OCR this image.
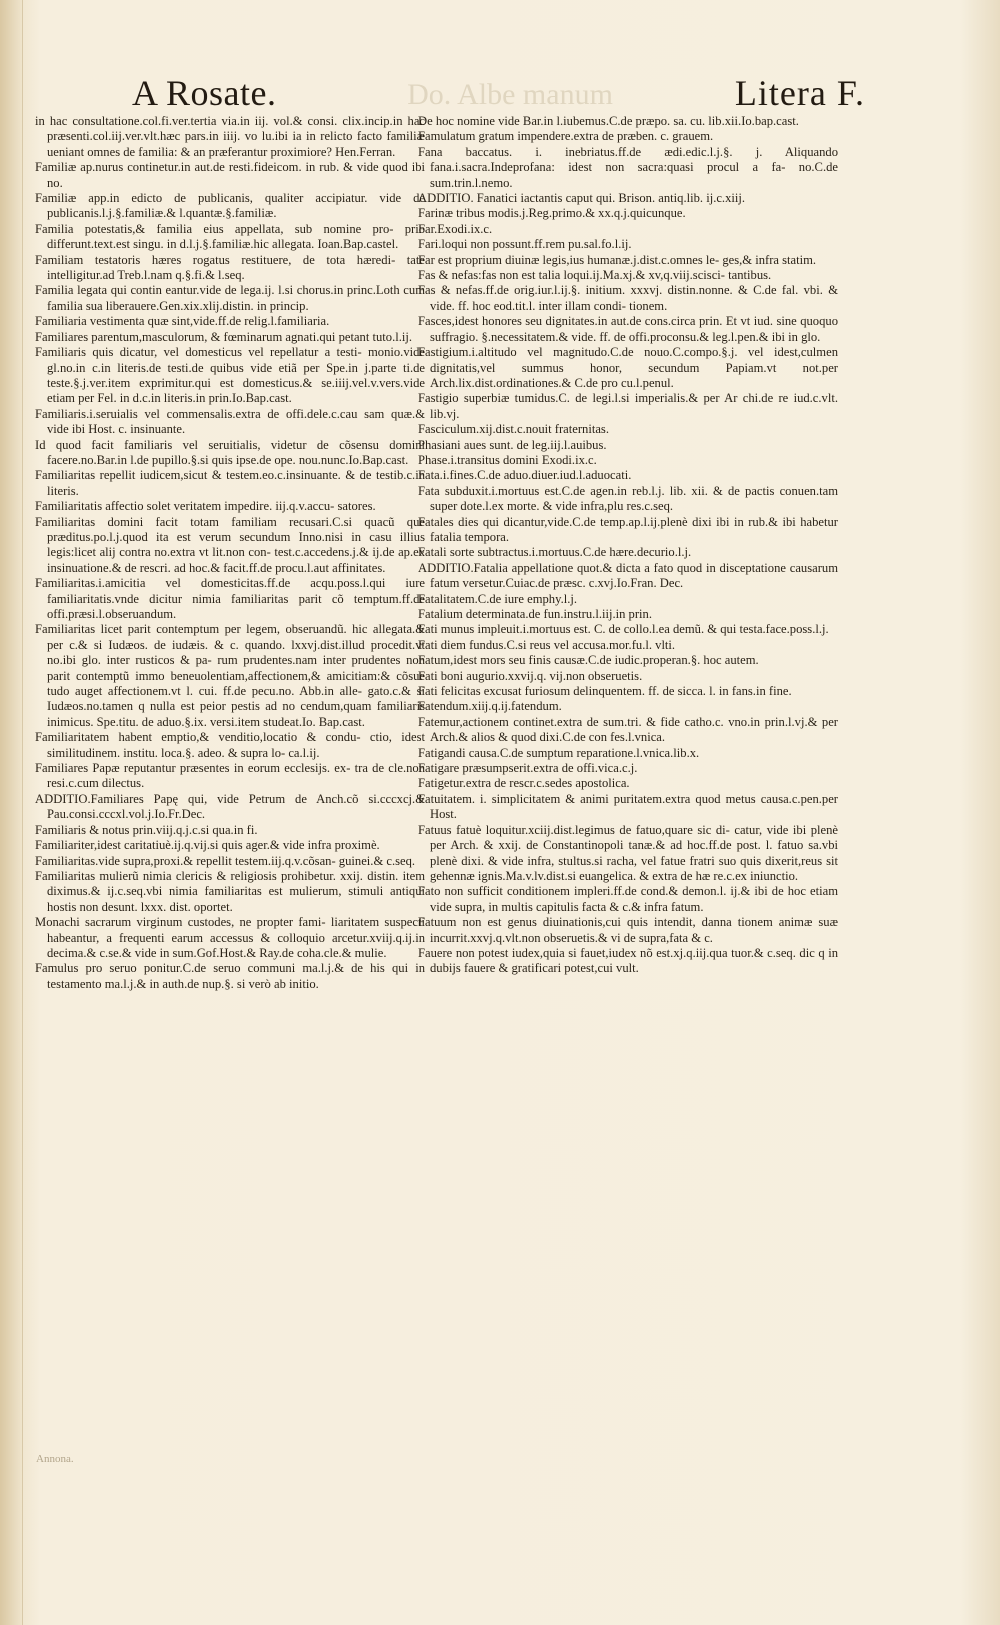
A Rosate.	Do. Albe manum	Litera F.

in hac consultatione.col.fi.ver.tertia via.in iij. vol.& consi. clix.incip.in hac præsenti.col.iij.ver.vlt.hæc pars.in iiij. vo lu.ibi ia in relicto facto familiæ ueniant omnes de familia: & an præferantur proximiore? Hen.Ferran.

Familiæ ap.nurus continetur.in aut.de resti.fideicom. in rub. & vide quod ibi no.

Familiæ app.in edicto de publicanis, qualiter accipiatur. vide de publicanis.l.j.§.familiæ.& l.quantæ.§.familiæ.

Familia potestatis,& familia eius appellata, sub nomine pro- prio differunt.text.est singu. in d.l.j.§.familiæ.hic allegata. Ioan.Bap.castel.

Familiam testatoris hæres rogatus restituere, de tota hæredi- tate intelligitur.ad Treb.l.nam q.§.fi.& l.seq.

Familia legata qui contin eantur.vide de lega.ij. l.si chorus.in princ.Loth cum familia sua liberauere.Gen.xix.xlij.distin. in princip.

Familiaria vestimenta quæ sint,vide.ff.de relig.l.familiaria.

Familiares parentum,masculorum, & fœminarum agnati.qui petant tuto.l.ij.

Familiaris quis dicatur, vel domesticus vel repellatur a testi- monio.vide gl.no.in c.in literis.de testi.de quibus vide etiã per Spe.in j.parte ti.de teste.§.j.ver.item exprimitur.qui est domesticus.& se.iiij.vel.v.vers.vide etiam per Fel. in d.c.in literis.in prin.Io.Bap.cast.

Familiaris.i.seruialis vel commensalis.extra de offi.dele.c.cau sam quæ.& vide ibi Host. c. insinuante.

Id quod facit familiaris vel seruitialis, videtur de cõsensu domini facere.no.Bar.in l.de pupillo.§.si quis ipse.de ope. nou.nunc.Io.Bap.cast.

Familiaritas repellit iudicem,sicut & testem.eo.c.insinuante. & de testib.c.in literis.

Familiaritatis affectio solet veritatem impedire. iij.q.v.accu- satores.

Familiaritas domini facit totam familiam recusari.C.si quacũ que præditus.po.l.j.quod ita est verum secundum Inno.nisi in casu illius legis:licet alij contra no.extra vt lit.non con- test.c.accedens.j.& ij.de ap.ex insinuatione.& de rescri. ad hoc.& facit.ff.de procu.l.aut affinitates.

Familiaritas.i.amicitia vel domesticitas.ff.de acqu.poss.l.qui iure familiaritatis.vnde dicitur nimia familiaritas parit cõ temptum.ff.de offi.præsi.l.obseruandum.

Familiaritas licet parit contemptum per legem, obseruandũ. hic allegata.& per c.& si Iudæos. de iudæis. & c. quando. lxxvj.dist.illud procedit.vt no.ibi glo. inter rusticos & pa- rum prudentes.nam inter prudentes non parit contemptũ immo beneuolentiam,affectionem,& amicitiam:& cõsue tudo auget affectionem.vt l. cui. ff.de pecu.no. Abb.in alle- gato.c.& si Iudæos.no.tamen q nulla est peior pestis ad no cendum,quam familiaris inimicus. Spe.titu. de aduo.§.ix. versi.item studeat.Io. Bap.cast.

Familiaritatem habent emptio,& venditio,locatio & condu- ctio, idest similitudinem. institu. loca.§. adeo. & supra lo- ca.l.ij.

Familiares Papæ reputantur præsentes in eorum ecclesijs. ex- tra de cle.non resi.c.cum dilectus.

ADDITIO.Familiares Papę qui, vide Petrum de Anch.cõ si.cccxcj.& Pau.consi.cccxl.vol.j.Io.Fr.Dec.

Familiaris & notus prin.viij.q.j.c.si qua.in fi.

Familiariter,idest caritatiuè.ij.q.vij.si quis ager.& vide infra proximè.

Familiaritas.vide supra,proxi.& repellit testem.iij.q.v.cõsan- guinei.& c.seq.

Familiaritas mulierũ nimia clericis & religiosis prohibetur. xxij. distin. item diximus.& ij.c.seq.vbi nimia familiaritas est mulierum, stimuli antiqui hostis non desunt. lxxx. dist. oportet.

Monachi sacrarum virginum custodes, ne propter fami- liaritatem suspecti habeantur, a frequenti earum accessus & colloquio arcetur.xviij.q.ij.in decima.& c.se.& vide in sum.Gof.Host.& Ray.de coha.cle.& mulie.

Famulus pro seruo ponitur.C.de seruo communi ma.l.j.& de his qui in testamento ma.l.j.& in auth.de nup.§. si verò ab initio.

De hoc nomine vide Bar.in l.iubemus.C.de præpo. sa. cu. lib.xii.Io.bap.cast.

Famulatum gratum impendere.extra de præben. c. grauem.

Fana baccatus. i. inebriatus.ff.de ædi.edic.l.j.§. j. Aliquando fana.i.sacra.Indeprofana: idest non sacra:quasi procul a fa- no.C.de sum.trin.l.nemo.

ADDITIO. Fanatici iactantis caput qui. Brison. antiq.lib. ij.c.xiij.

Farinæ tribus modis.j.Reg.primo.& xx.q.j.quicunque.

Far.Exodi.ix.c.

Fari.loqui non possunt.ff.rem pu.sal.fo.l.ij.

Far est proprium diuinæ legis,ius humanæ.j.dist.c.omnes le- ges,& infra statim.

Fas & nefas:fas non est talia loqui.ij.Ma.xj.& xv,q.viij.scisci- tantibus.

Fas & nefas.ff.de orig.iur.l.ij.§. initium. xxxvj. distin.nonne. & C.de fal. vbi. & vide. ff. hoc eod.tit.l. inter illam condi- tionem.

Fasces,idest honores seu dignitates.in aut.de cons.circa prin. Et vt iud. sine quoquo suffragio. §.necessitatem.& vide. ff. de offi.proconsu.& leg.l.pen.& ibi in glo.

Fastigium.i.altitudo vel magnitudo.C.de nouo.C.compo.§.j. vel idest,culmen dignitatis,vel summus honor, secundum Papiam.vt not.per Arch.lix.dist.ordinationes.& C.de pro cu.l.penul.

Fastigio superbiæ tumidus.C. de legi.l.si imperialis.& per Ar chi.de re iud.c.vlt. lib.vj.

Fasciculum.xij.dist.c.nouit fraternitas.

Phasiani aues sunt. de leg.iij.l.auibus.

Phase.i.transitus domini Exodi.ix.c.

Fata.i.fines.C.de aduo.diuer.iud.l.aduocati.

Fata subduxit.i.mortuus est.C.de agen.in reb.l.j. lib. xii. & de pactis conuen.tam super dote.l.ex morte. & vide infra,plu res.c.seq.

Fatales dies qui dicantur,vide.C.de temp.ap.l.ij.plenè dixi ibi in rub.& ibi habetur fatalia tempora.

Fatali sorte subtractus.i.mortuus.C.de hære.decurio.l.j.

ADDITIO.Fatalia appellatione quot.& dicta a fato quod in disceptatione causarum fatum versetur.Cuiac.de præsc. c.xvj.Io.Fran. Dec.

Fatalitatem.C.de iure emphy.l.j.

Fatalium determinata.de fun.instru.l.iij.in prin.

Fati munus impleuit.i.mortuus est. C. de collo.l.ea demũ. & qui testa.face.poss.l.j.

Fati diem fundus.C.si reus vel accusa.mor.fu.l. vlti.

Fatum,idest mors seu finis causæ.C.de iudic.properan.§. hoc autem.

Fati boni augurio.xxvij.q. vij.non obseruetis.

Fati felicitas excusat furiosum delinquentem. ff. de sicca. l. in fans.in fine.

Fatendum.xiij.q.ij.fatendum.

Fatemur,actionem continet.extra de sum.tri. & fide catho.c. vno.in prin.l.vj.& per Arch.& alios & quod dixi.C.de con fes.l.vnica.

Fatigandi causa.C.de sumptum reparatione.l.vnica.lib.x.

Fatigare præsumpserit.extra de offi.vica.c.j.

Fatigetur.extra de rescr.c.sedes apostolica.

Fatuitatem. i. simplicitatem & animi puritatem.extra quod metus causa.c.pen.per Host.

Fatuus fatuè loquitur.xciij.dist.legimus de fatuo,quare sic di- catur, vide ibi plenè per Arch. & xxij. de Constantinopoli tanæ.& ad hoc.ff.de post. l. fatuo sa.vbi plenè dixi. & vide infra, stultus.si racha, vel fatue fratri suo quis dixerit,reus sit gehennæ ignis.Ma.v.lv.dist.si euangelica. & extra de hæ re.c.ex iniunctio.

Fato non sufficit conditionem impleri.ff.de cond.& demon.l. ij.& ibi de hoc etiam vide supra, in multis capitulis facta & c.& infra fatum.

Fatuum non est genus diuinationis,cui quis intendit, danna tionem animæ suæ incurrit.xxvj.q.vlt.non obseruetis.& vi de supra,fata & c.

Fauere non potest iudex,quia si fauet,iudex nõ est.xj.q.iij.qua tuor.& c.seq. dic q in dubijs fauere & gratificari potest,cui vult.

Annona.
